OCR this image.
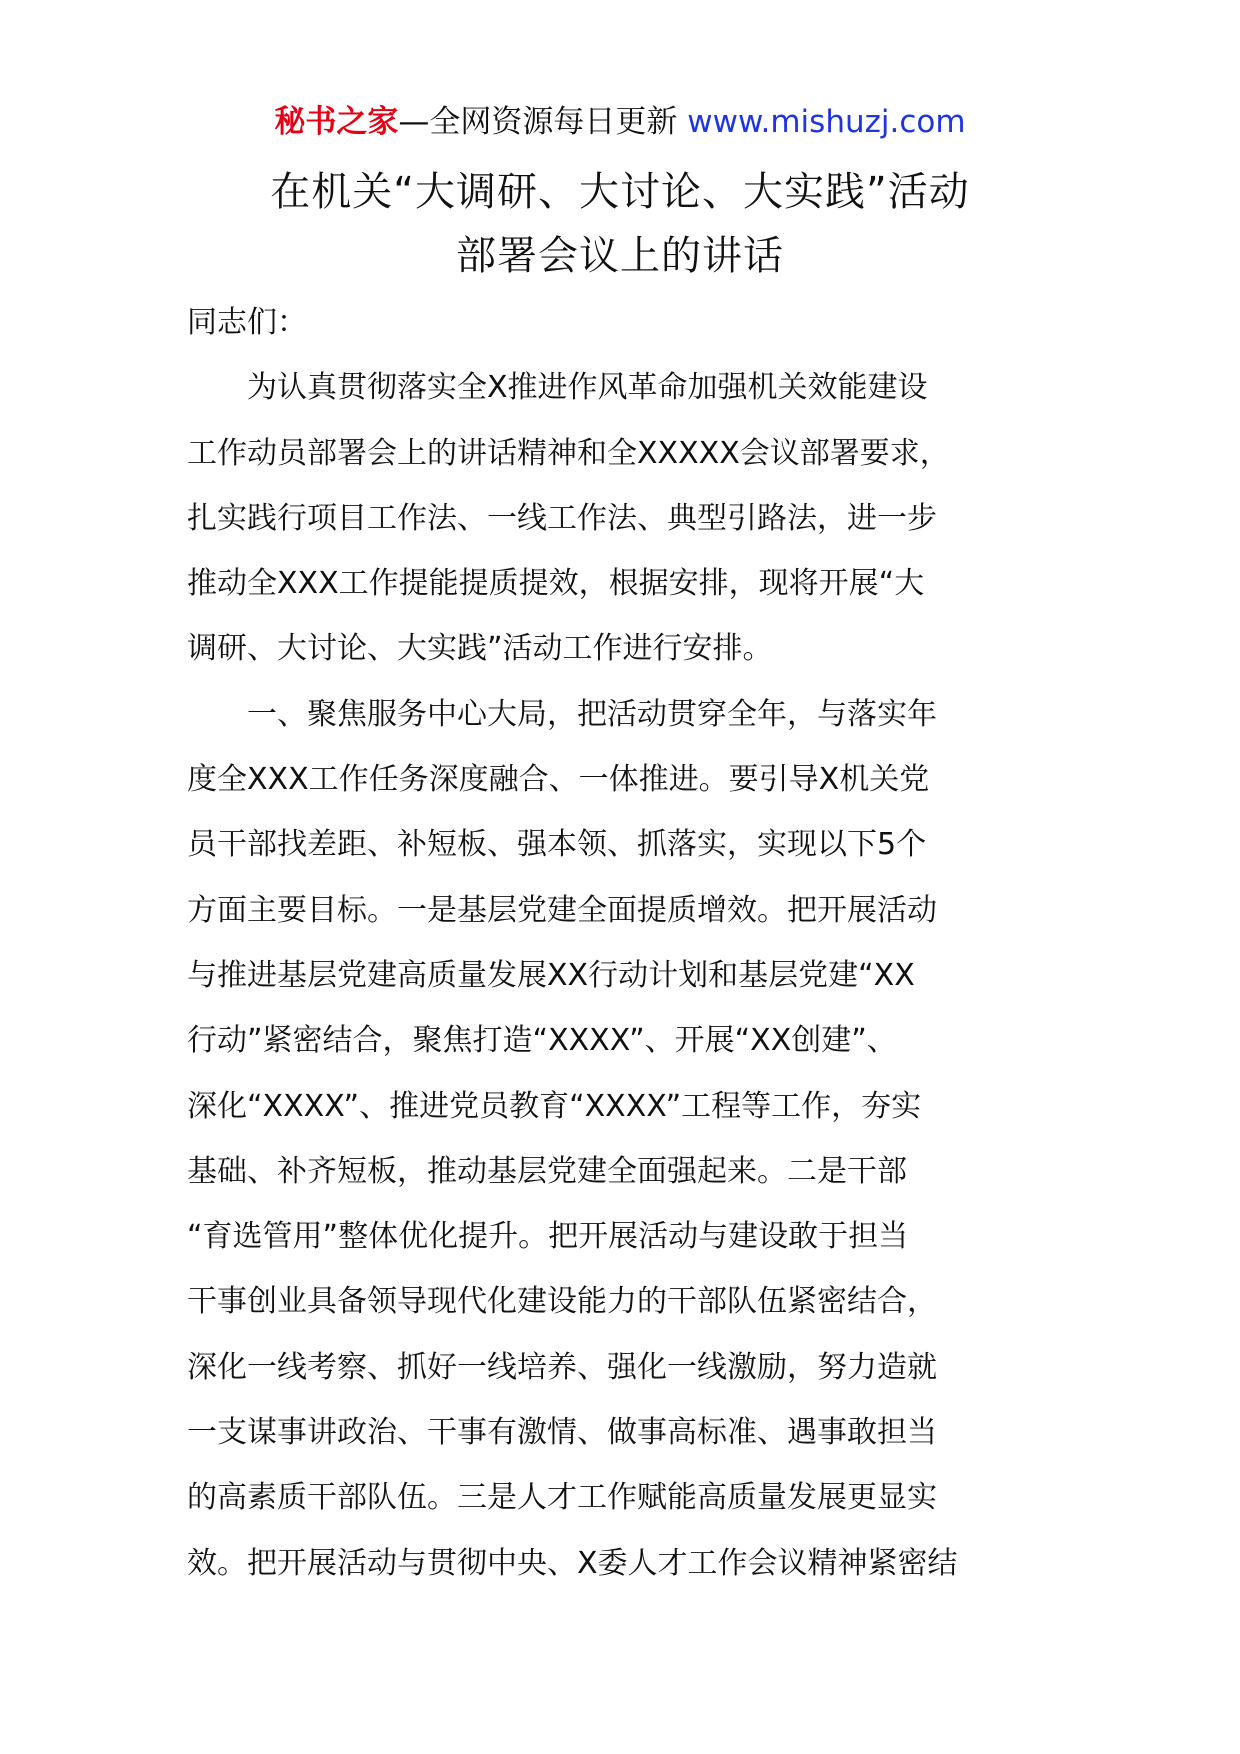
秘书之家—全网资源每日更新 www.mishuzj.com
在机关“大调研、大讨论、大实践”活动
部署会议上的讲话

同志们：

为认真贯彻落实全X推进作风革命加强机关效能建设
工作动员部署会上的讲话精神和全XXXXX会议部署要求，
扎实践行项目工作法、一线工作法、典型引路法，进一步
推动全XXX工作提能提质提效，根据安排，现将开展“大
调研、大讨论、大实践”活动工作进行安排。

一、聚焦服务中心大局，把活动贯穿全年，与落实年
度全XXX工作任务深度融合、一体推进。要引导X机关党
员干部找差距、补短板、强本领、抓落实，实现以下5个
方面主要目标。一是基层党建全面提质增效。把开展活动
与推进基层党建高质量发展XX行动计划和基层党建“XX
行动”紧密结合，聚焦打造“XXXX”、开展“XX创建”、
深化“XXXX”、推进党员教育“XXXX”工程等工作，夯实
基础、补齐短板，推动基层党建全面强起来。二是干部
“育选管用”整体优化提升。把开展活动与建设敢于担当
干事创业具备领导现代化建设能力的干部队伍紧密结合，
深化一线考察、抓好一线培养、强化一线激励，努力造就
一支谋事讲政治、干事有激情、做事高标准、遇事敢担当
的高素质干部队伍。三是人才工作赋能高质量发展更显实
效。把开展活动与贯彻中央、X委人才工作会议精神紧密结
